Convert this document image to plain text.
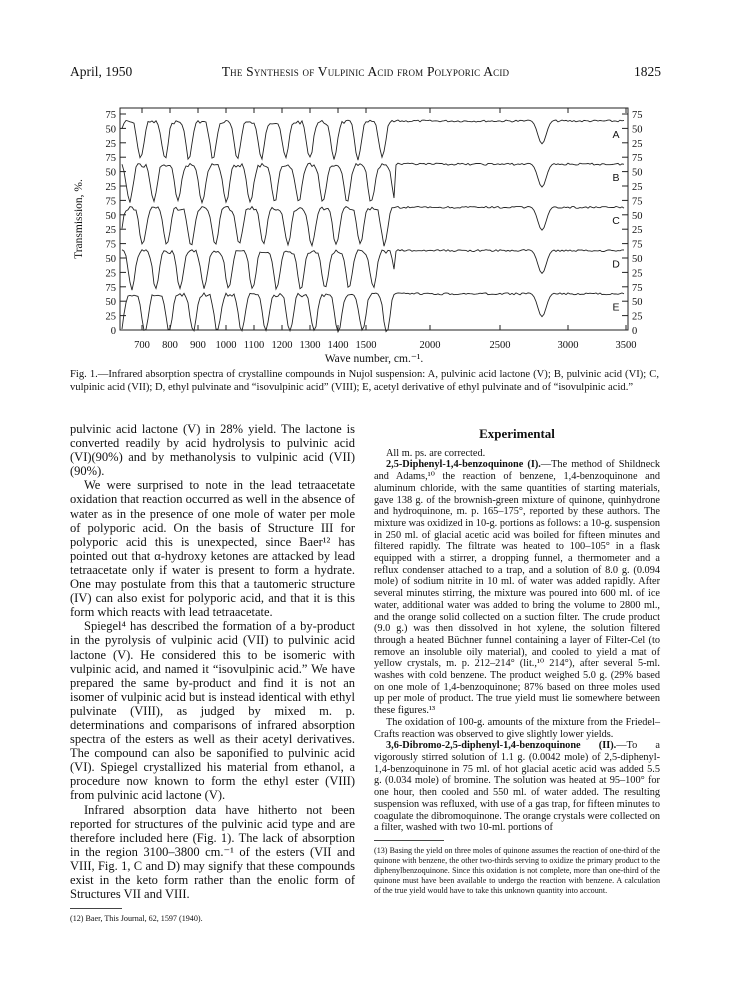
April, 1950	The Synthesis of Vulpinic Acid from Polyporic Acid	1825
75	75
50	50
25	25
75	75
50	50
25	25
75	75
50	50
25	25
75	75
50	50
25	25
75	75
50	50
25	25
0	0
Transmission, %.
700 800 900 1000 1100 1200 1300 1400 1500	2000	2500	3000	3500
Wave number, cm.⁻¹.
A
B
C
D
E
Fig. 1.—Infrared absorption spectra of crystalline compounds in Nujol suspension: A, pulvinic acid lactone (V); B, pulvinic acid (VI); C, vulpinic acid (VII); D, ethyl pulvinate and “isovulpinic acid” (VIII); E, acetyl derivative of ethyl pulvinate and of “isovulpinic acid.”

pulvinic acid lactone (V) in 28% yield. The lactone is converted readily by acid hydrolysis to pulvinic acid (VI)(90%) and by methanolysis to vulpinic acid (VII) (90%).

We were surprised to note in the lead tetraacetate oxidation that reaction occurred as well in the absence of water as in the presence of one mole of water per mole of polyporic acid. On the basis of Structure III for polyporic acid this is unexpected, since Baer¹² has pointed out that α-hydroxy ketones are attacked by lead tetraacetate only if water is present to form a hydrate. One may postulate from this that a tautomeric structure (IV) can also exist for polyporic acid, and that it is this form which reacts with lead tetraacetate.

Spiegel⁴ has described the formation of a by-product in the pyrolysis of vulpinic acid (VII) to pulvinic acid lactone (V). He considered this to be isomeric with vulpinic acid, and named it “isovulpinic acid.” We have prepared the same by-product and find it is not an isomer of vulpinic acid but is instead identical with ethyl pulvinate (VIII), as judged by mixed m. p. determinations and comparisons of infrared absorption spectra of the esters as well as their acetyl derivatives. The compound can also be saponified to pulvinic acid (VI). Spiegel crystallized his material from ethanol, a procedure now known to form the ethyl ester (VIII) from pulvinic acid lactone (V).

Infrared absorption data have hitherto not been reported for structures of the pulvinic acid type and are therefore included here (Fig. 1). The lack of absorption in the region 3100–3800 cm.⁻¹ of the esters (VII and VIII, Fig. 1, C and D) may signify that these compounds exist in the keto form rather than the enolic form of Structures VII and VIII.

(12) Baer, This Journal, 62, 1597 (1940).
Experimental

All m. ps. are corrected.

2,5-Diphenyl-1,4-benzoquinone (I).—The method of Shildneck and Adams,¹⁰ the reaction of benzene, 1,4-benzoquinone and aluminum chloride, with the same quantities of starting materials, gave 138 g. of the brownish-green mixture of quinone, quinhydrone and hydroquinone, m. p. 165–175°, reported by these authors. The mixture was oxidized in 10-g. portions as follows: a 10-g. suspension in 250 ml. of glacial acetic acid was boiled for fifteen minutes and filtered rapidly. The filtrate was heated to 100–105° in a flask equipped with a stirrer, a dropping funnel, a thermometer and a reflux condenser attached to a trap, and a solution of 8.0 g. (0.094 mole) of sodium nitrite in 10 ml. of water was added rapidly. After several minutes stirring, the mixture was poured into 600 ml. of ice water, additional water was added to bring the volume to 2800 ml., and the orange solid collected on a suction filter. The crude product (9.0 g.) was then dissolved in hot xylene, the solution filtered through a heated Büchner funnel containing a layer of Filter-Cel (to remove an insoluble oily material), and cooled to yield a mat of yellow crystals, m. p. 212–214° (lit.,¹⁰ 214°), after several 5-ml. washes with cold benzene. The product weighed 5.0 g. (29% based on one mole of 1,4-benzoquinone; 87% based on three moles used up per mole of product. The true yield must lie somewhere between these figures.¹³

The oxidation of 100-g. amounts of the mixture from the Friedel–Crafts reaction was observed to give slightly lower yields.

3,6-Dibromo-2,5-diphenyl-1,4-benzoquinone (II).—To a vigorously stirred solution of 1.1 g. (0.0042 mole) of 2,5-diphenyl-1,4-benzoquinone in 75 ml. of hot glacial acetic acid was added 5.5 g. (0.034 mole) of bromine. The solution was heated at 95–100° for one hour, then cooled and 550 ml. of water added. The resulting suspension was refluxed, with use of a gas trap, for fifteen minutes to coagulate the dibromoquinone. The orange crystals were collected on a filter, washed with two 10-ml. portions of

(13) Basing the yield on three moles of quinone assumes the reaction of one-third of the quinone with benzene, the other two-thirds serving to oxidize the primary product to the diphenylbenzoquinone. Since this oxidation is not complete, more than one-third of the quinone must have been available to undergo the reaction with benzene. A calculation of the true yield would have to take this unknown quantity into account.
